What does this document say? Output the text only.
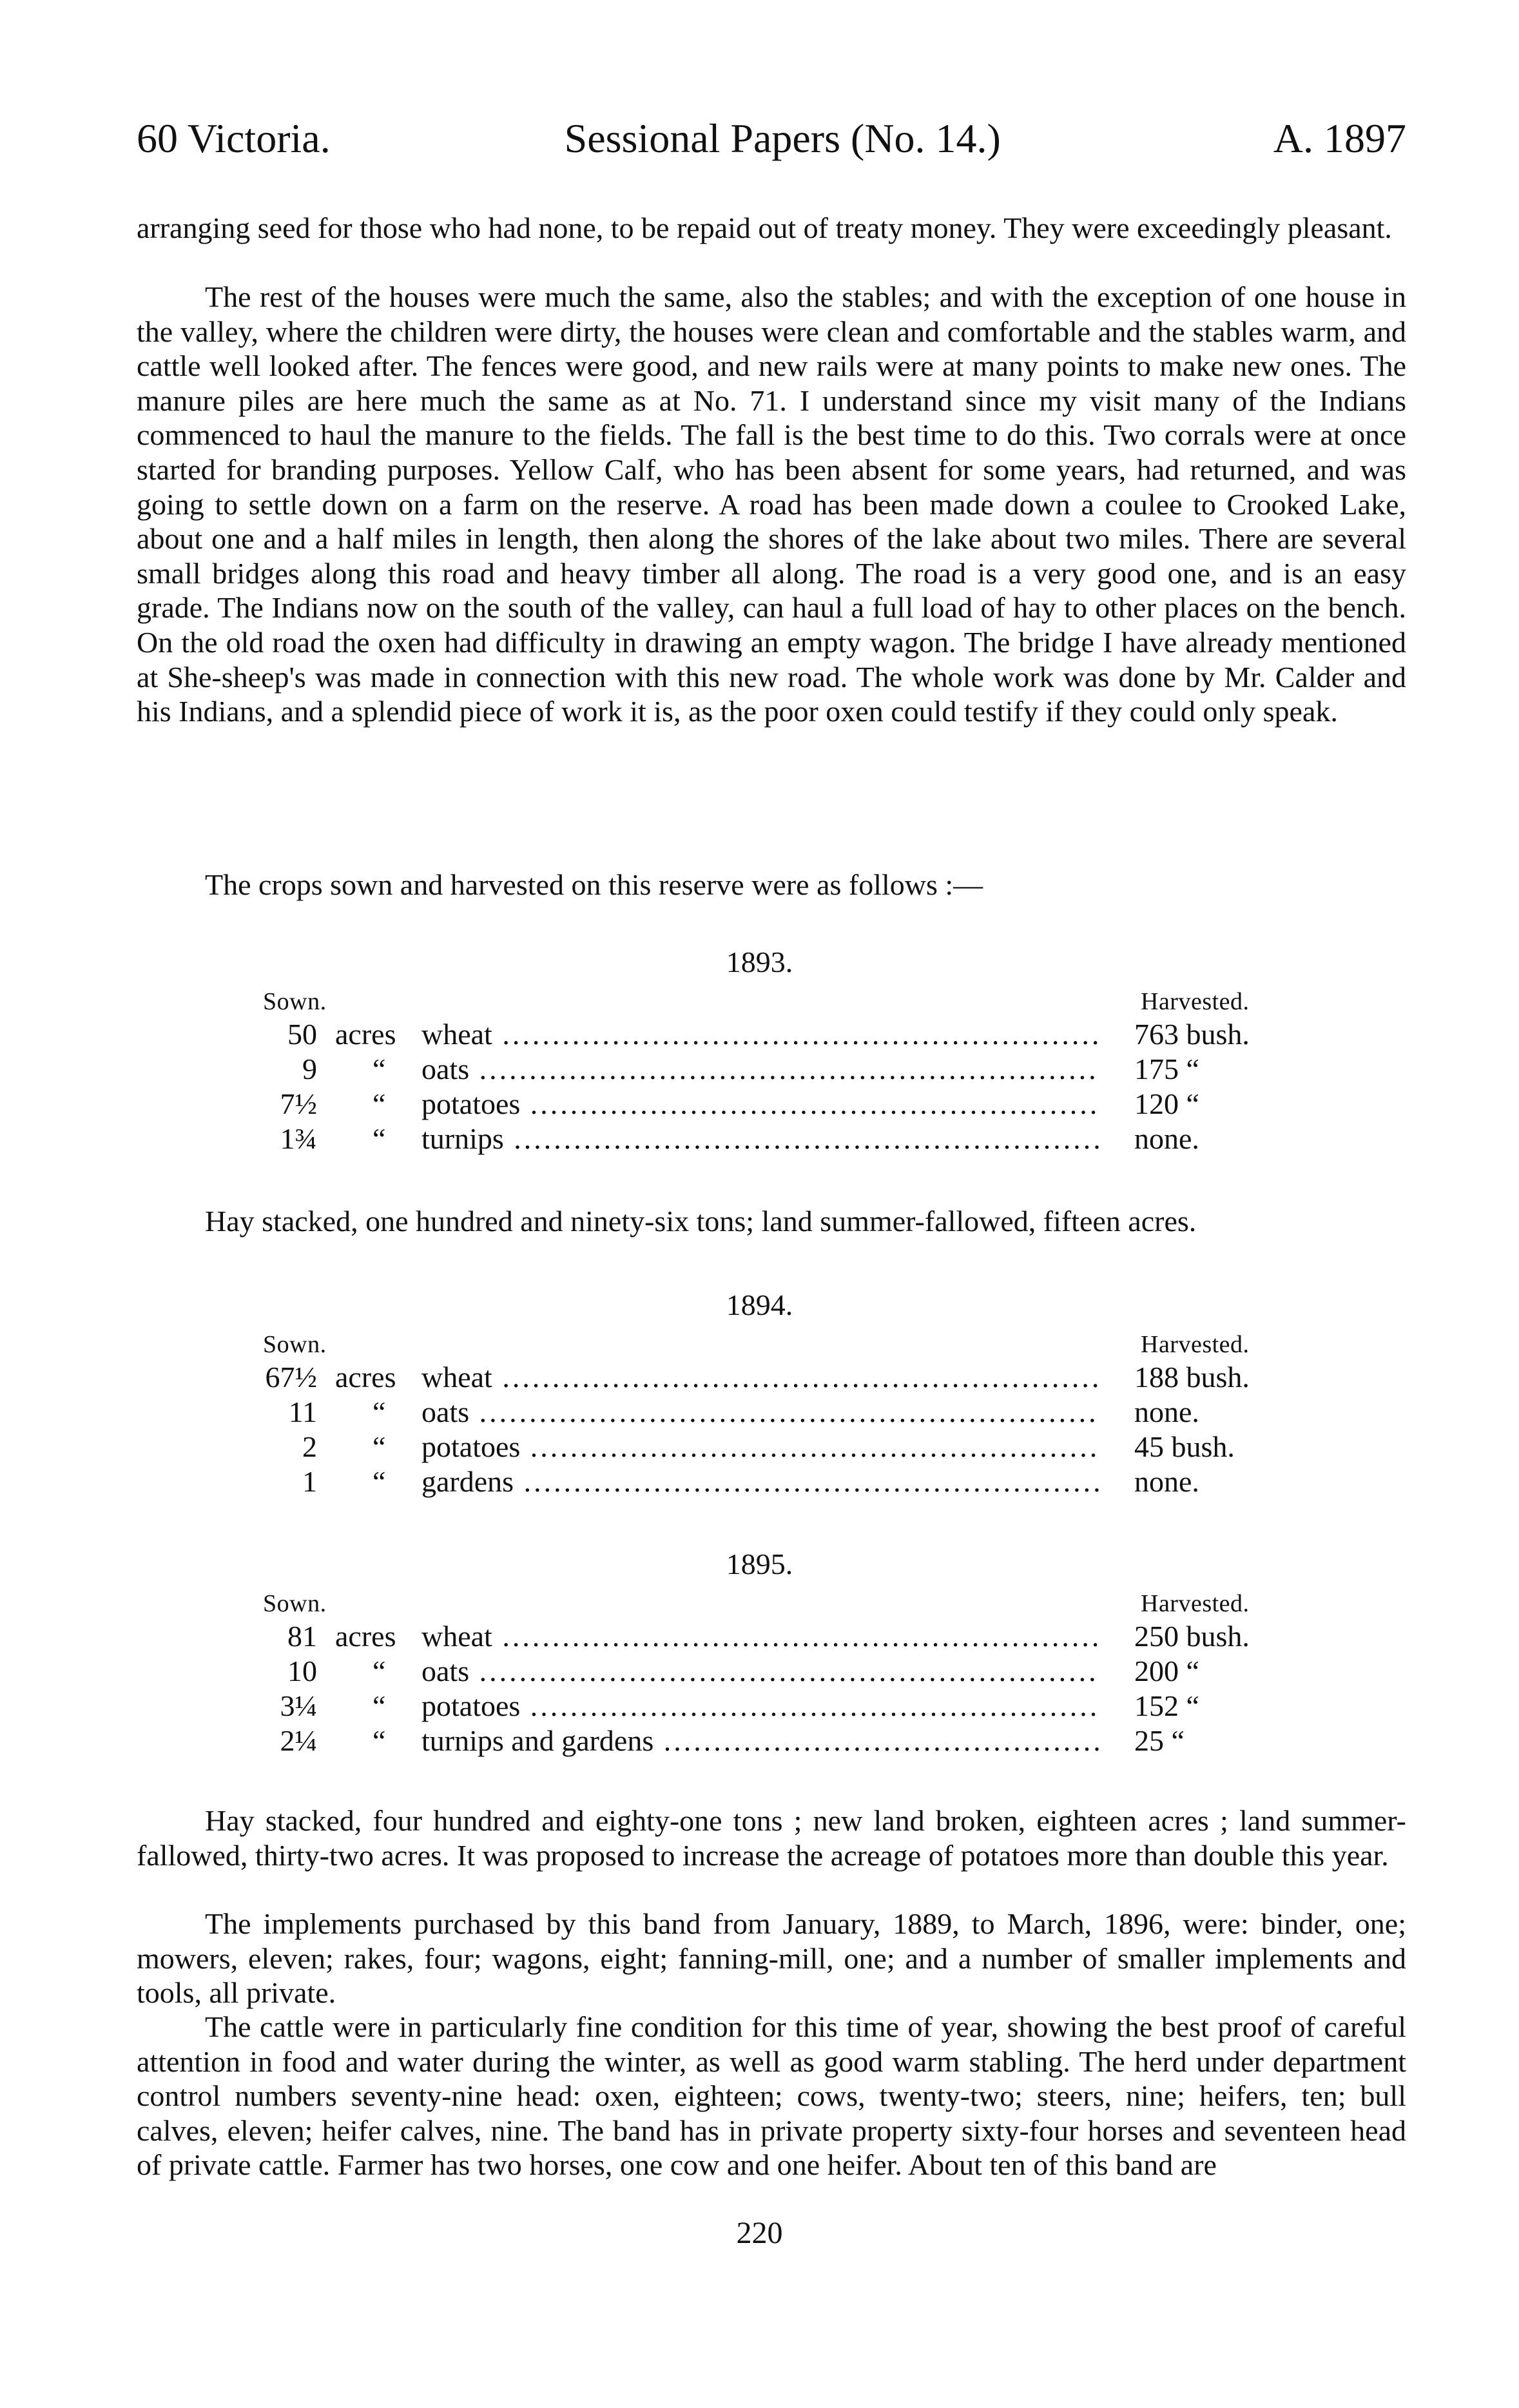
60 Victoria.	Sessional Papers (No. 14.)	A. 1897

arranging seed for those who had none, to be repaid out of treaty money. They were exceedingly pleasant.

The rest of the houses were much the same, also the stables; and with the exception of one house in the valley, where the children were dirty, the houses were clean and comfortable and the stables warm, and cattle well looked after. The fences were good, and new rails were at many points to make new ones. The manure piles are here much the same as at No. 71. I understand since my visit many of the Indians commenced to haul the manure to the fields. The fall is the best time to do this. Two corrals were at once started for branding purposes. Yellow Calf, who has been absent for some years, had returned, and was going to settle down on a farm on the reserve. A road has been made down a coulee to Crooked Lake, about one and a half miles in length, then along the shores of the lake about two miles. There are several small bridges along this road and heavy timber all along. The road is a very good one, and is an easy grade. The Indians now on the south of the valley, can haul a full load of hay to other places on the bench. On the old road the oxen had difficulty in drawing an empty wagon. The bridge I have already mentioned at She-sheep's was made in connection with this new road. The whole work was done by Mr. Calder and his Indians, and a splendid piece of work it is, as the poor oxen could testify if they could only speak.

The crops sown and harvested on this reserve were as follows :—

1893.
Sown.	Harvested.
50 acres wheat .....	763 bush.
9 “ oats .....	175 “
7½ “ potatoes .....	120 “
1¾ “ turnips .....	none.

Hay stacked, one hundred and ninety-six tons; land summer-fallowed, fifteen acres.

1894.
Sown.	Harvested.
67½ acres wheat .....	188 bush.
11 “ oats .....	none.
2 “ potatoes .....	45 bush.
1 “ gardens .....	none.
1895.
Sown.	Harvested.
81 acres wheat .....	250 bush.
10 “ oats .....	200 “
3¼ “ potatoes .....	152 “
2¼ “ turnips and gardens .....	25 “

Hay stacked, four hundred and eighty-one tons ; new land broken, eighteen acres ; land summer-fallowed, thirty-two acres. It was proposed to increase the acreage of potatoes more than double this year.

The implements purchased by this band from January, 1889, to March, 1896, were: binder, one; mowers, eleven; rakes, four; wagons, eight; fanning-mill, one; and a number of smaller implements and tools, all private.

The cattle were in particularly fine condition for this time of year, showing the best proof of careful attention in food and water during the winter, as well as good warm stabling. The herd under department control numbers seventy-nine head: oxen, eighteen; cows, twenty-two; steers, nine; heifers, ten; bull calves, eleven; heifer calves, nine. The band has in private property sixty-four horses and seventeen head of private cattle. Farmer has two horses, one cow and one heifer. About ten of this band are

220
